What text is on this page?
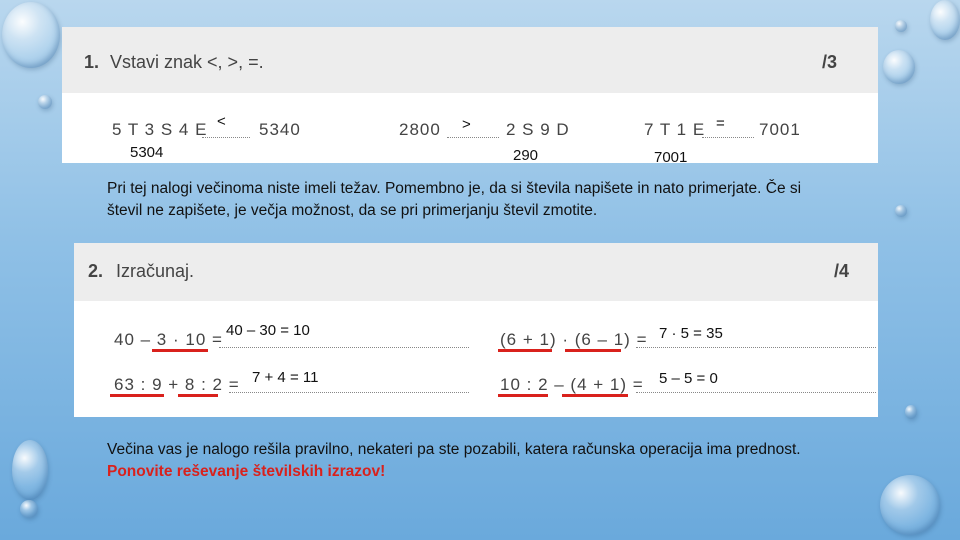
1. Vstavi znak <, >, =.	/3
5 T 3 S 4 E < 5340
5304
2800 > 2 S 9 D
290
7 T 1 E = 7001
7001
Pri tej nalogi večinoma niste imeli težav. Pomembno je, da si števila napišete in nato primerjate. Če si števil ne zapišete, je večja možnost, da se pri primerjanju števil zmotite.
2. Izračunaj.	/4
40 – 3 · 10 = 40 – 30 = 10	(6 + 1) · (6 – 1) = 7 · 5 = 35
63 : 9 + 8 : 2 = 7 + 4 = 11	10 : 2 – (4 + 1) = 5 – 5 = 0
Večina vas je nalogo rešila pravilno, nekateri pa ste pozabili, katera računska operacija ima prednost. Ponovite reševanje številskih izrazov!
